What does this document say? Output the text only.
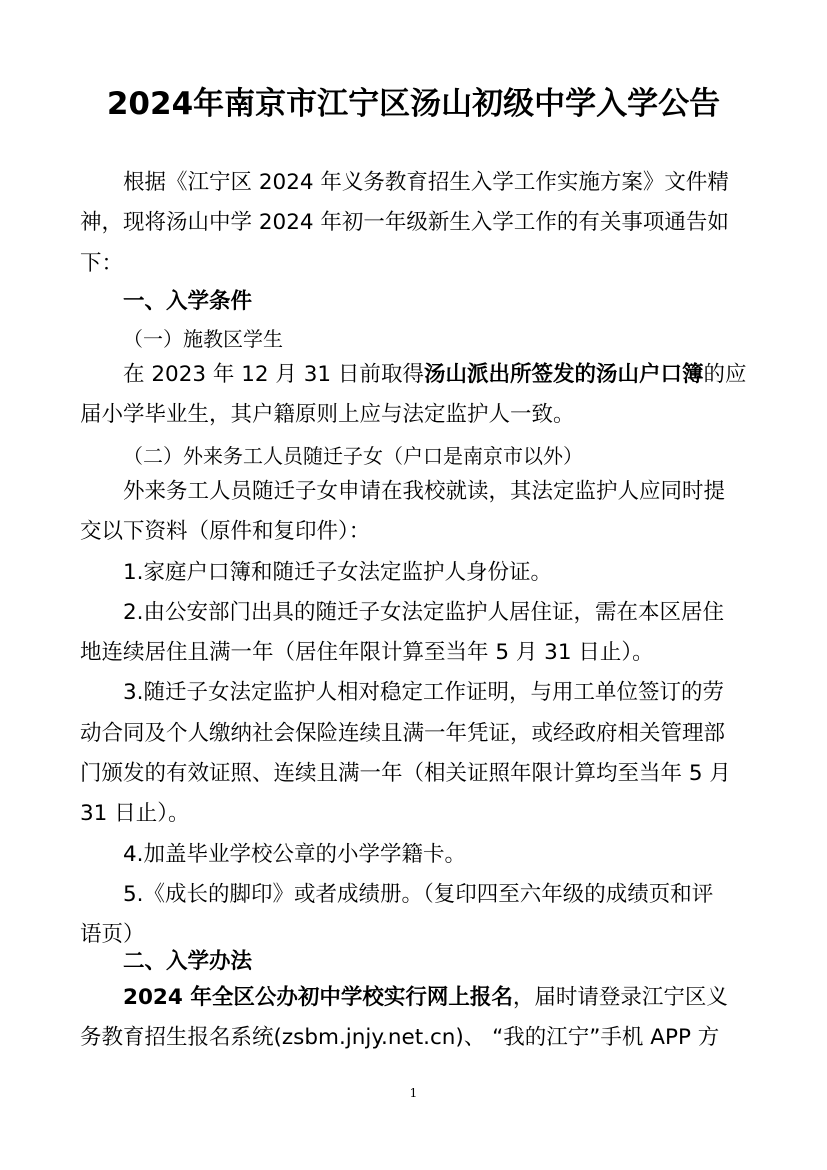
2024年南京市江宁区汤山初级中学入学公告
根据《江宁区 2024 年义务教育招生入学工作实施方案》文件精
神，现将汤山中学 2024 年初一年级新生入学工作的有关事项通告如
下：
一、入学条件
（一）施教区学生
在 2023 年 12 月 31 日前取得汤山派出所签发的汤山户口簿的应
届小学毕业生，其户籍原则上应与法定监护人一致。
（二）外来务工人员随迁子女（户口是南京市以外）
外来务工人员随迁子女申请在我校就读，其法定监护人应同时提
交以下资料（原件和复印件）：
1.家庭户口簿和随迁子女法定监护人身份证。
2.由公安部门出具的随迁子女法定监护人居住证，需在本区居住
地连续居住且满一年（居住年限计算至当年 5 月 31 日止）。
3.随迁子女法定监护人相对稳定工作证明，与用工单位签订的劳
动合同及个人缴纳社会保险连续且满一年凭证，或经政府相关管理部
门颁发的有效证照、连续且满一年（相关证照年限计算均至当年 5 月
31 日止）。
4.加盖毕业学校公章的小学学籍卡。
5.《成长的脚印》或者成绩册。（复印四至六年级的成绩页和评
语页）
二、入学办法
2024 年全区公办初中学校实行网上报名，届时请登录江宁区义
务教育招生报名系统(zsbm.jnjy.net.cn)、 “我的江宁”手机 APP 方
1
